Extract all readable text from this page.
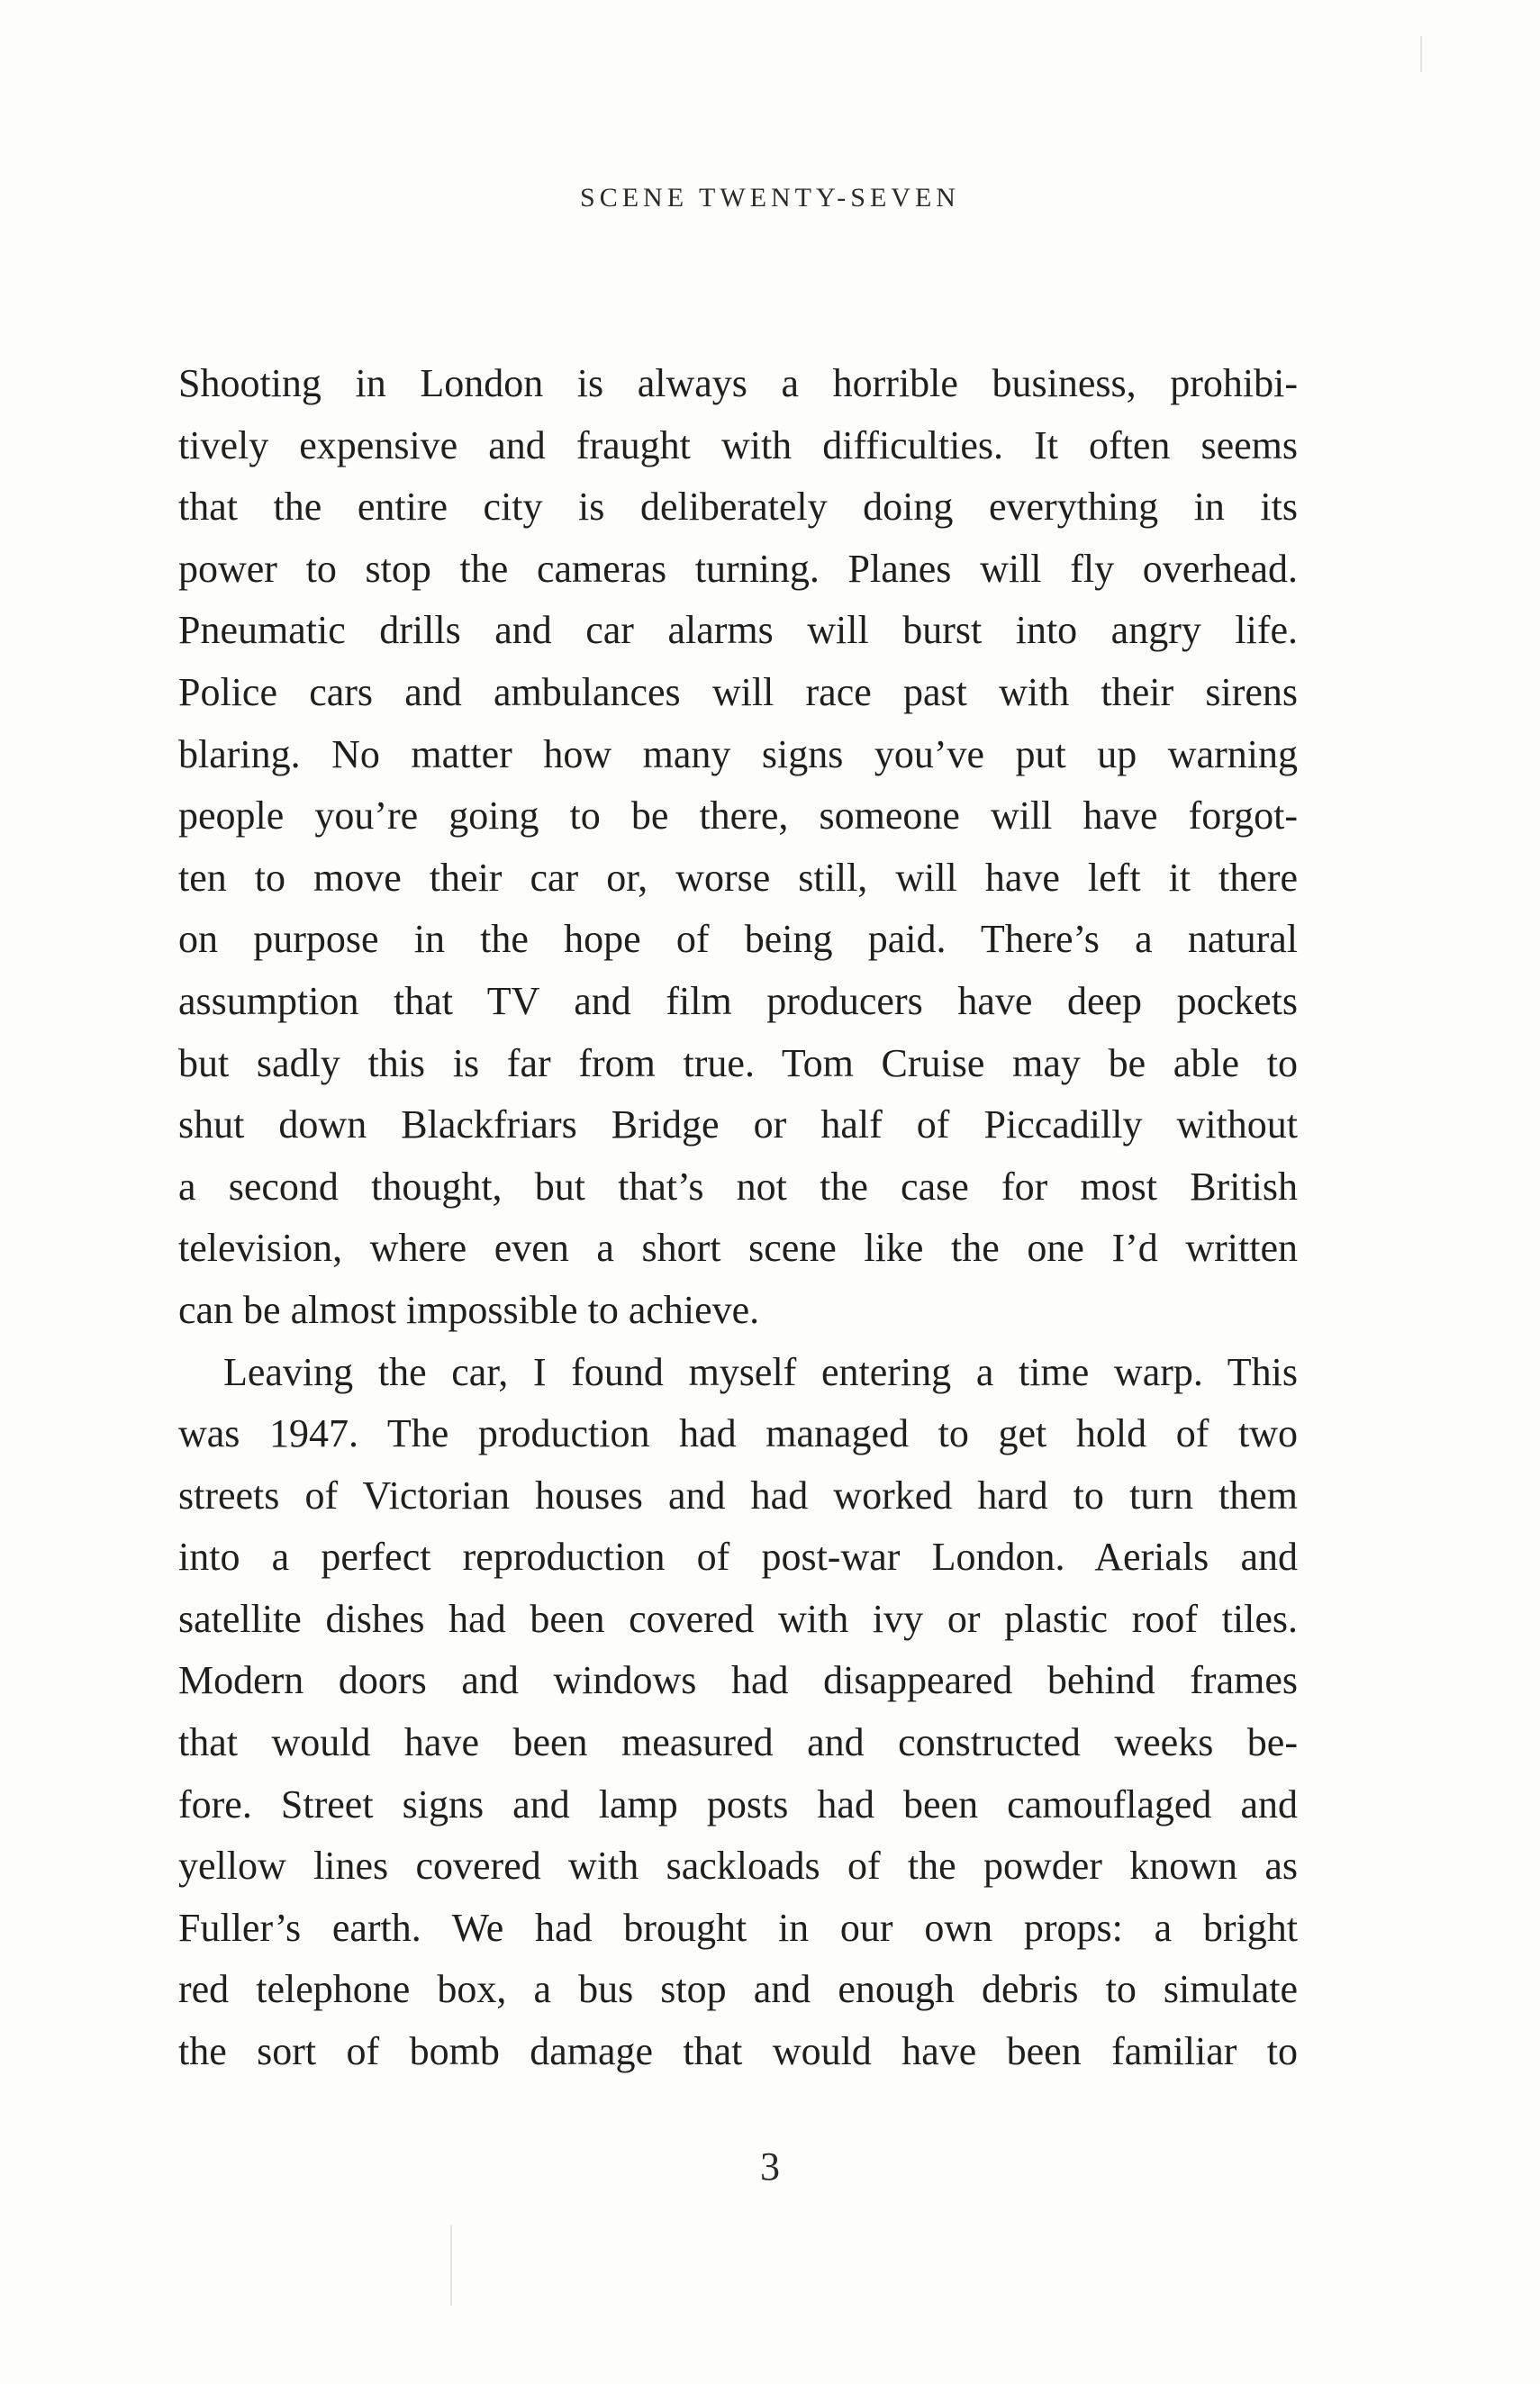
SCENE TWENTY-SEVEN
Shooting in London is always a horrible business, prohibi-
tively expensive and fraught with difficulties. It often seems
that the entire city is deliberately doing everything in its
power to stop the cameras turning. Planes will fly overhead.
Pneumatic drills and car alarms will burst into angry life.
Police cars and ambulances will race past with their sirens
blaring. No matter how many signs you’ve put up warning
people you’re going to be there, someone will have forgot-
ten to move their car or, worse still, will have left it there
on purpose in the hope of being paid. There’s a natural
assumption that TV and film producers have deep pockets
but sadly this is far from true. Tom Cruise may be able to
shut down Blackfriars Bridge or half of Piccadilly without
a second thought, but that’s not the case for most British
television, where even a short scene like the one I’d written
can be almost impossible to achieve.
Leaving the car, I found myself entering a time warp. This
was 1947. The production had managed to get hold of two
streets of Victorian houses and had worked hard to turn them
into a perfect reproduction of post-war London. Aerials and
satellite dishes had been covered with ivy or plastic roof tiles.
Modern doors and windows had disappeared behind frames
that would have been measured and constructed weeks be-
fore. Street signs and lamp posts had been camouflaged and
yellow lines covered with sackloads of the powder known as
Fuller’s earth. We had brought in our own props: a bright
red telephone box, a bus stop and enough debris to simulate
the sort of bomb damage that would have been familiar to
3
